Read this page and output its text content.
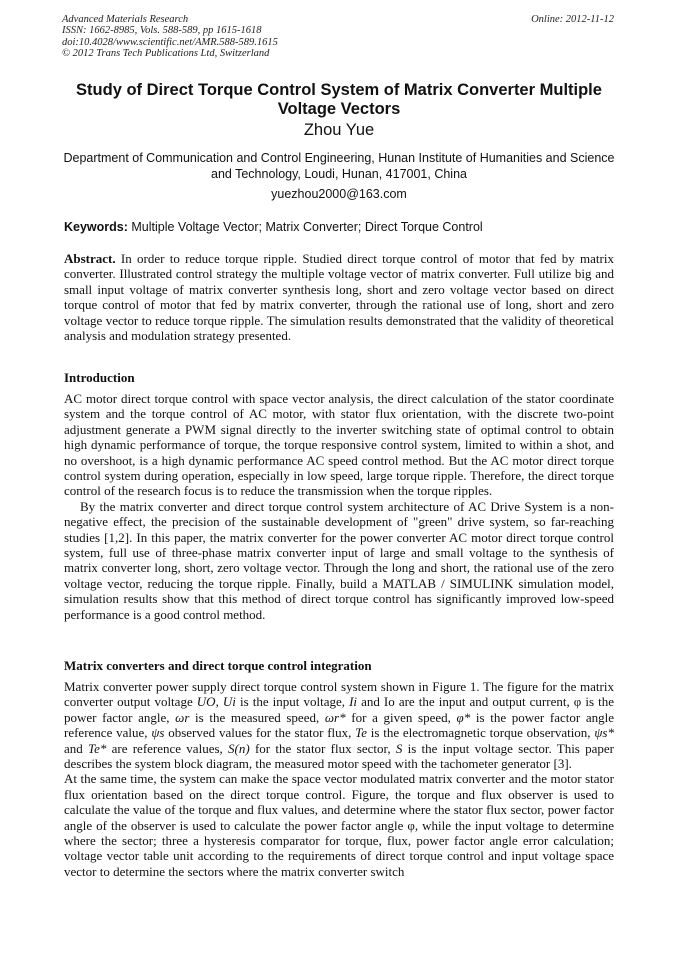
Advanced Materials Research
ISSN: 1662-8985, Vols. 588-589, pp 1615-1618
doi:10.4028/www.scientific.net/AMR.588-589.1615
© 2012 Trans Tech Publications Ltd, Switzerland
Online: 2012-11-12
Study of Direct Torque Control System of Matrix Converter Multiple Voltage Vectors
Zhou Yue
Department of Communication and Control Engineering, Hunan Institute of Humanities and Science and Technology, Loudi, Hunan, 417001, China
yuezhou2000@163.com
Keywords: Multiple Voltage Vector; Matrix Converter; Direct Torque Control
Abstract. In order to reduce torque ripple. Studied direct torque control of motor that fed by matrix converter. Illustrated control strategy the multiple voltage vector of matrix converter. Full utilize big and small input voltage of matrix converter synthesis long, short and zero voltage vector based on direct torque control of motor that fed by matrix converter, through the rational use of long, short and zero voltage vector to reduce torque ripple. The simulation results demonstrated that the validity of theoretical analysis and modulation strategy presented.
Introduction

AC motor direct torque control with space vector analysis, the direct calculation of the stator coordinate system and the torque control of AC motor, with stator flux orientation, with the discrete two-point adjustment generate a PWM signal directly to the inverter switching state of optimal control to obtain high dynamic performance of torque, the torque responsive control system, limited to within a shot, and no overshoot, is a high dynamic performance AC speed control method. But the AC motor direct torque control system during operation, especially in low speed, large torque ripple. Therefore, the direct torque control of the research focus is to reduce the transmission when the torque ripples.

By the matrix converter and direct torque control system architecture of AC Drive System is a non-negative effect, the precision of the sustainable development of "green" drive system, so far-reaching studies [1,2]. In this paper, the matrix converter for the power converter AC motor direct torque control system, full use of three-phase matrix converter input of large and small voltage to the synthesis of matrix converter long, short, zero voltage vector. Through the long and short, the rational use of the zero voltage vector, reducing the torque ripple. Finally, build a MATLAB / SIMULINK simulation model, simulation results show that this method of direct torque control has significantly improved low-speed performance is a good control method.

Matrix converters and direct torque control integration

Matrix converter power supply direct torque control system shown in Figure 1. The figure for the matrix converter output voltage UO, Ui is the input voltage, Ii and Io are the input and output current, φ is the power factor angle, ωr is the measured speed, ωr* for a given speed, φ* is the power factor angle reference value, ψs observed values for the stator flux, Te is the electromagnetic torque observation, ψs* and Te* are reference values, S(n) for the stator flux sector, S is the input voltage sector. This paper describes the system block diagram, the measured motor speed with the tachometer generator [3].

At the same time, the system can make the space vector modulated matrix converter and the motor stator flux orientation based on the direct torque control. Figure, the torque and flux observer is used to calculate the value of the torque and flux values, and determine where the stator flux sector, power factor angle of the observer is used to calculate the power factor angle φ, while the input voltage to determine where the sector; three a hysteresis comparator for torque, flux, power factor angle error calculation; voltage vector table unit according to the requirements of direct torque control and input voltage space vector to determine the sectors where the matrix converter switch
